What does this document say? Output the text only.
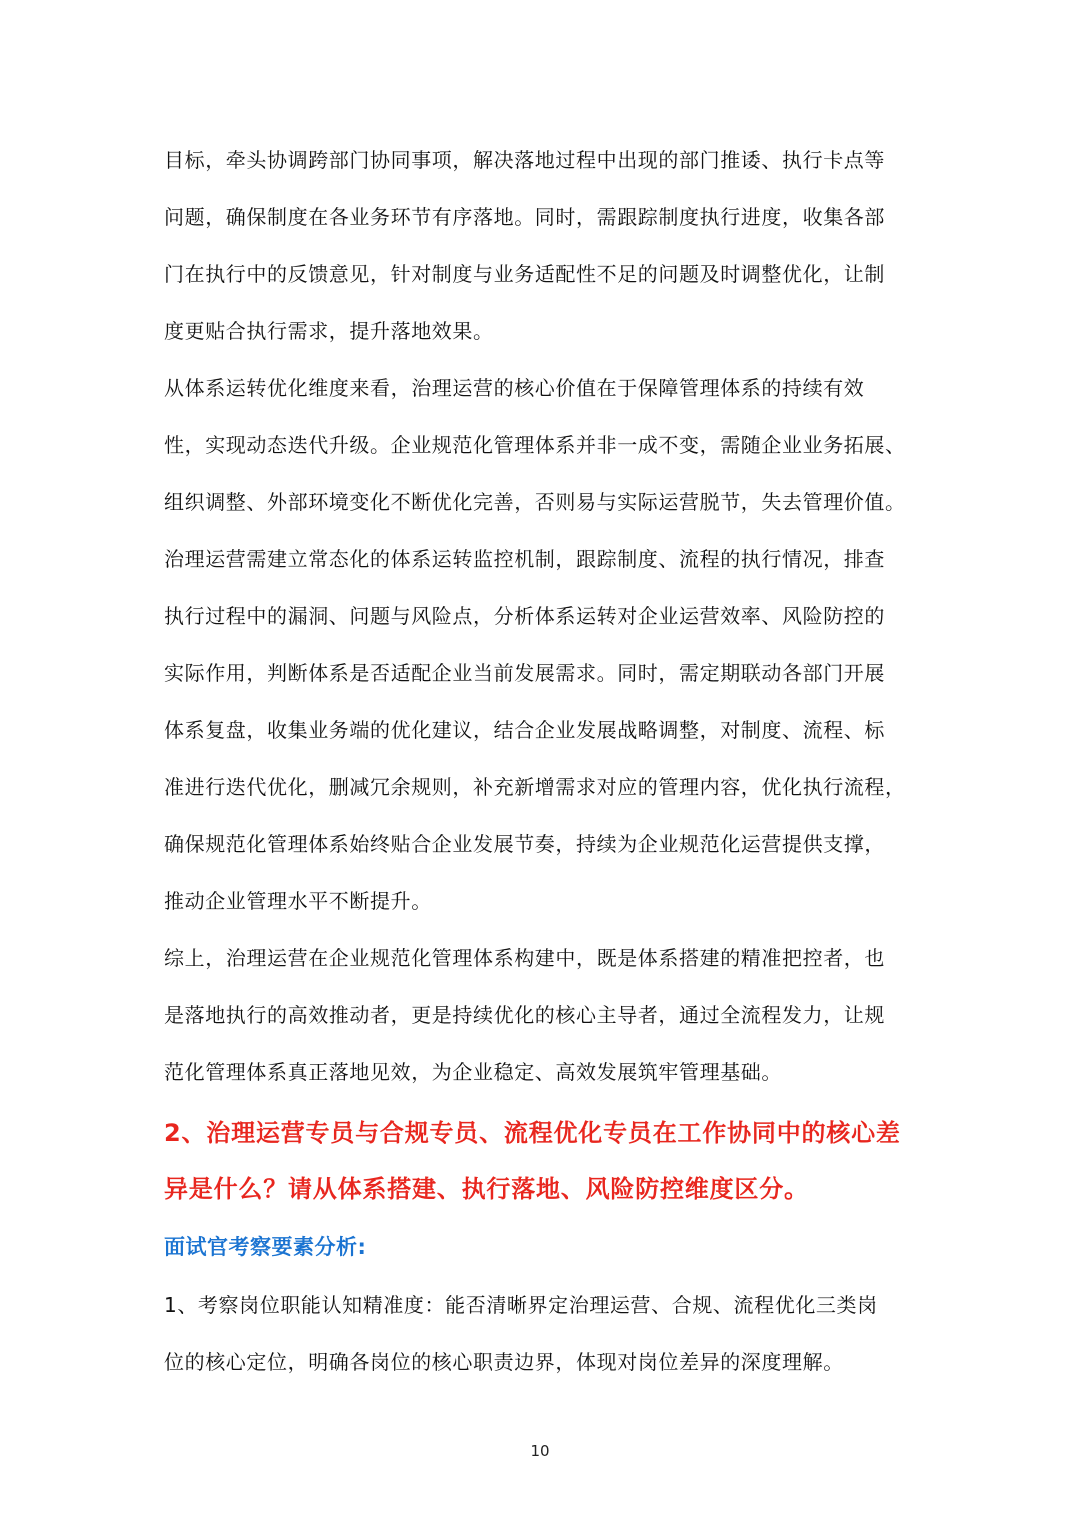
目标，牵头协调跨部门协同事项，解决落地过程中出现的部门推诿、执行卡点等
问题，确保制度在各业务环节有序落地。同时，需跟踪制度执行进度，收集各部
门在执行中的反馈意见，针对制度与业务适配性不足的问题及时调整优化，让制
度更贴合执行需求，提升落地效果。

从体系运转优化维度来看，治理运营的核心价值在于保障管理体系的持续有效
性，实现动态迭代升级。企业规范化管理体系并非一成不变，需随企业业务拓展、
组织调整、外部环境变化不断优化完善，否则易与实际运营脱节，失去管理价值。
治理运营需建立常态化的体系运转监控机制，跟踪制度、流程的执行情况，排查
执行过程中的漏洞、问题与风险点，分析体系运转对企业运营效率、风险防控的
实际作用，判断体系是否适配企业当前发展需求。同时，需定期联动各部门开展
体系复盘，收集业务端的优化建议，结合企业发展战略调整，对制度、流程、标
准进行迭代优化，删减冗余规则，补充新增需求对应的管理内容，优化执行流程，
确保规范化管理体系始终贴合企业发展节奏，持续为企业规范化运营提供支撑，
推动企业管理水平不断提升。

综上，治理运营在企业规范化管理体系构建中，既是体系搭建的精准把控者，也
是落地执行的高效推动者，更是持续优化的核心主导者，通过全流程发力，让规
范化管理体系真正落地见效，为企业稳定、高效发展筑牢管理基础。

2、治理运营专员与合规专员、流程优化专员在工作协同中的核心差
异是什么？请从体系搭建、执行落地、风险防控维度区分。
面试官考察要素分析:

1、考察岗位职能认知精准度：能否清晰界定治理运营、合规、流程优化三类岗
位的核心定位，明确各岗位的核心职责边界，体现对岗位差异的深度理解。

10
